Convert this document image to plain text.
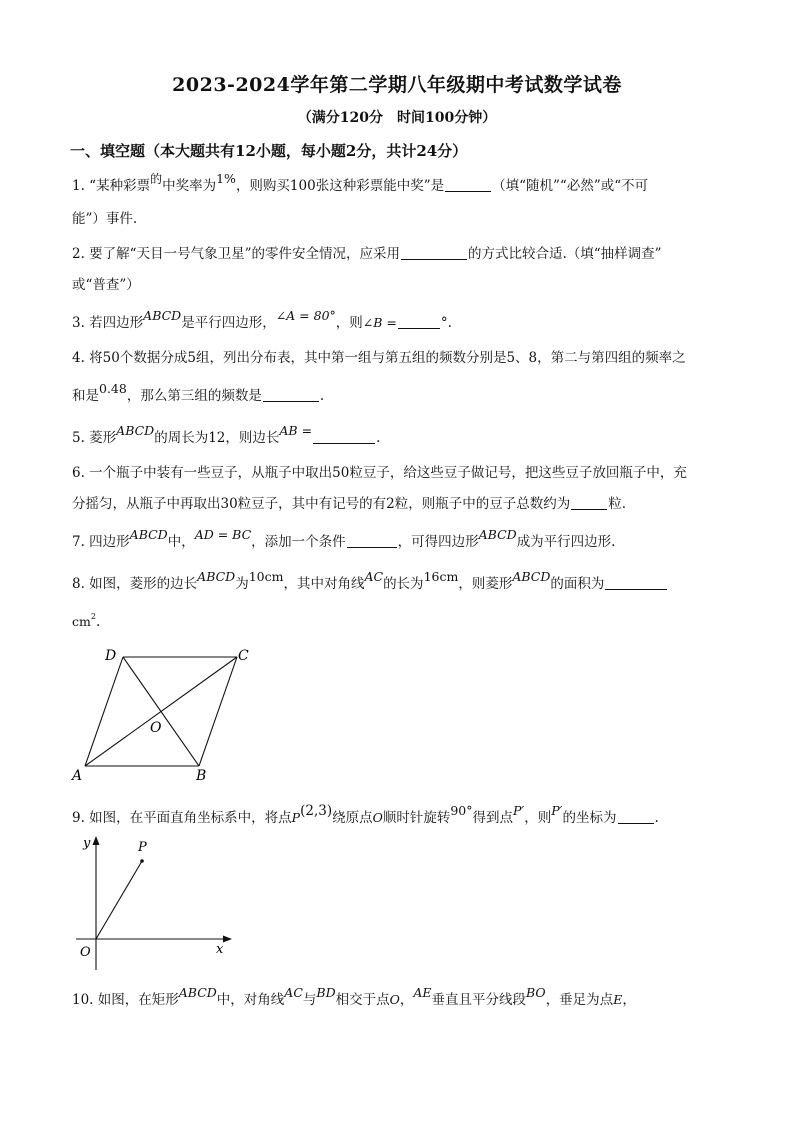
2023-2024学年第二学期八年级期中考试数学试卷
（满分120分　时间100分钟）
一、填空题（本大题共有12小题，每小题2分，共计24分）
1. “某种彩票的中奖率为1%，则购买100张这种彩票能中奖”是	（填“随机”“必然”或“不可
能”）事件.
2. 要了解“天目一号气象卫星”的零件安全情况，应采用	的方式比较合适.（填“抽样调查”
或“普查”）
3. 若四边形ABCD是平行四边形，∠A = 80°，则∠B =	°.
4. 将50个数据分成5组，列出分布表，其中第一组与第五组的频数分别是5、8，第二与第四组的频率之
和是0.48，那么第三组的频数是	.
5. 菱形ABCD的周长为12，则边长AB =	.
6. 一个瓶子中装有一些豆子，从瓶子中取出50粒豆子，给这些豆子做记号，把这些豆子放回瓶子中，充
分摇匀，从瓶子中再取出30粒豆子，其中有记号的有2粒，则瓶子中的豆子总数约为	粒.
7. 四边形ABCD中，AD = BC，添加一个条件	，可得四边形ABCD成为平行四边形.
8. 如图，菱形的边长ABCD为10cm，其中对角线AC的长为16cm，则菱形ABCD的面积为
$cm^2$.
A	B
C
D
O
9. 如图，在平面直角坐标系中，将点P(2,3)绕原点O顺时针旋转90°得到点P′，则P′的坐标为	.
y
x
P
O
10. 如图，在矩形ABCD中，对角线AC与BD相交于点O，AE垂直且平分线段BO，垂足为点E，
